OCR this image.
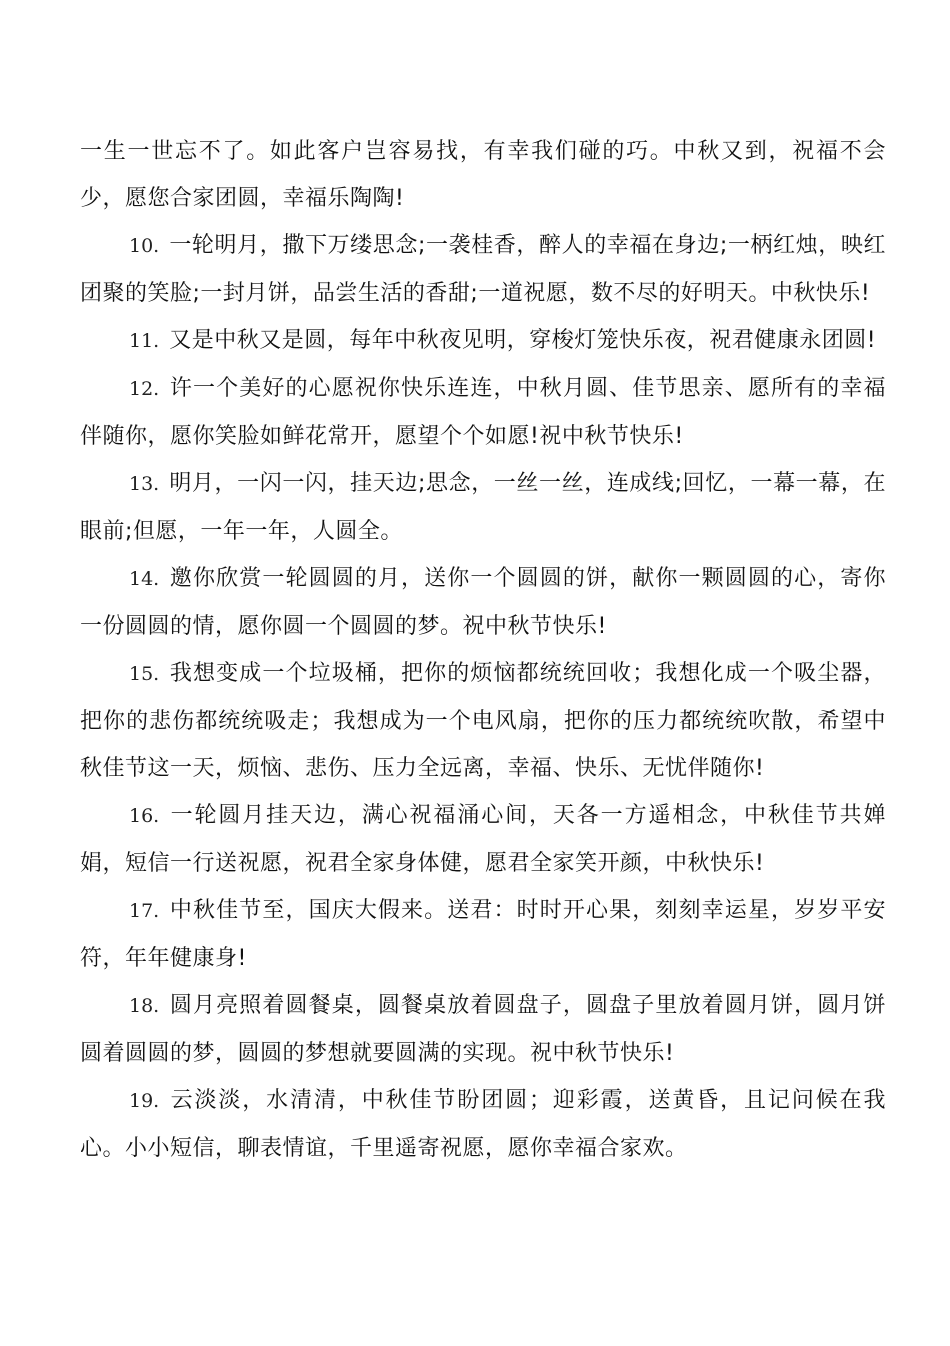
一生一世忘不了。如此客户岂容易找，有幸我们碰的巧。中秋又到，祝福不会少，愿您合家团圆，幸福乐陶陶!

10. 一轮明月，撒下万缕思念;一袭桂香，醉人的幸福在身边;一柄红烛，映红团聚的笑脸;一封月饼，品尝生活的香甜;一道祝愿，数不尽的好明天。中秋快乐!

11. 又是中秋又是圆，每年中秋夜见明，穿梭灯笼快乐夜，祝君健康永团圆!

12. 许一个美好的心愿祝你快乐连连，中秋月圆、佳节思亲、愿所有的幸福伴随你，愿你笑脸如鲜花常开，愿望个个如愿!祝中秋节快乐!

13. 明月，一闪一闪，挂天边;思念，一丝一丝，连成线;回忆，一幕一幕，在眼前;但愿，一年一年，人圆全。

14. 邀你欣赏一轮圆圆的月，送你一个圆圆的饼，献你一颗圆圆的心，寄你一份圆圆的情，愿你圆一个圆圆的梦。祝中秋节快乐!

15. 我想变成一个垃圾桶，把你的烦恼都统统回收；我想化成一个吸尘器，把你的悲伤都统统吸走；我想成为一个电风扇，把你的压力都统统吹散，希望中秋佳节这一天，烦恼、悲伤、压力全远离，幸福、快乐、无忧伴随你!

16. 一轮圆月挂天边，满心祝福涌心间，天各一方遥相念，中秋佳节共婵娟，短信一行送祝愿，祝君全家身体健，愿君全家笑开颜，中秋快乐!

17. 中秋佳节至，国庆大假来。送君：时时开心果，刻刻幸运星，岁岁平安符，年年健康身!

18. 圆月亮照着圆餐桌，圆餐桌放着圆盘子，圆盘子里放着圆月饼，圆月饼圆着圆圆的梦，圆圆的梦想就要圆满的实现。祝中秋节快乐!

19. 云淡淡，水清清，中秋佳节盼团圆；迎彩霞，送黄昏，且记问候在我心。小小短信，聊表情谊，千里遥寄祝愿，愿你幸福合家欢。
